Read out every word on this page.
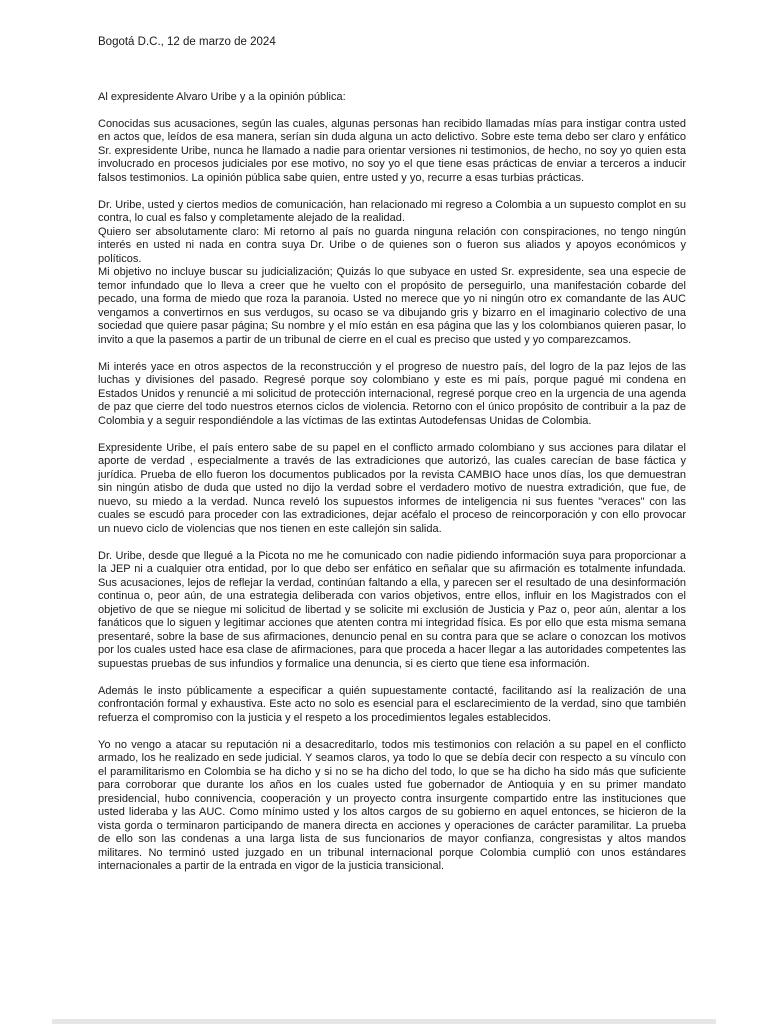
Bogotá D.C., 12 de marzo de 2024

Al expresidente Alvaro Uribe y a la opinión pública:

Conocidas sus acusaciones, según las cuales, algunas personas han recibido llamadas mías para instigar contra usted en actos que, leídos de esa manera, serían sin duda alguna un acto delictivo. Sobre este tema debo ser claro y enfático Sr. expresidente Uribe, nunca he llamado a nadie para orientar versiones ni testimonios, de hecho, no soy yo quien esta involucrado en procesos judiciales por ese motivo, no soy yo el que tiene esas prácticas de enviar a terceros a inducir falsos testimonios. La opinión pública sabe quien, entre usted y yo, recurre a esas turbias prácticas.

Dr. Uribe, usted y ciertos medios de comunicación, han relacionado mi regreso a Colombia a un supuesto complot en su contra, lo cual es falso y completamente alejado de la realidad.

Quiero ser absolutamente claro: Mi retorno al país no guarda ninguna relación con conspiraciones, no tengo ningún interés en usted ni nada en contra suya Dr. Uribe o de quienes son o fueron sus aliados y apoyos económicos y políticos.

Mi objetivo no incluye buscar su judicialización; Quizás lo que subyace en usted Sr. expresidente, sea una especie de temor infundado que lo lleva a creer que he vuelto con el propósito de perseguirlo, una manifestación cobarde del pecado, una forma de miedo que roza la paranoia. Usted no merece que yo ni ningún otro ex comandante de las AUC vengamos a convertirnos en sus verdugos, su ocaso se va dibujando gris y bizarro en el imaginario colectivo de una sociedad que quiere pasar página; Su nombre y el mío están en esa página que las y los colombianos quieren pasar, lo invito a que la pasemos a partir de un tribunal de cierre en el cual es preciso que usted y yo comparezcamos.

Mi interés yace en otros aspectos de la reconstrucción y el progreso de nuestro país, del logro de la paz lejos de las luchas y divisiones del pasado. Regresé porque soy colombiano y este es mi país, porque pagué mi condena en Estados Unidos y renuncié a mi solicitud de protección internacional, regresé porque creo en la urgencia de una agenda de paz que cierre del todo nuestros eternos ciclos de violencia. Retorno con el único propósito de contribuir a la paz de Colombia y a seguir respondiéndole a las víctimas de las extintas Autodefensas Unidas de Colombia.

Expresidente Uribe, el país entero sabe de su papel en el conflicto armado colombiano y sus acciones para dilatar el aporte de verdad , especialmente a través de las extradiciones que autorizó, las cuales carecían de base fáctica y jurídica. Prueba de ello fueron los documentos publicados por la revista CAMBIO hace unos días, los que demuestran sin ningún atisbo de duda que usted no dijo la verdad sobre el verdadero motivo de nuestra extradición, que fue, de nuevo, su miedo a la verdad. Nunca reveló los supuestos informes de inteligencia ni sus fuentes "veraces" con las cuales se escudó para proceder con las extradiciones, dejar acéfalo el proceso de reincorporación y con ello provocar un nuevo ciclo de violencias que nos tienen en este callejón sin salida.

Dr. Uribe, desde que llegué a la Picota no me he comunicado con nadie pidiendo información suya para proporcionar a la JEP ni a cualquier otra entidad, por lo que debo ser enfático en señalar que su afirmación es totalmente infundada. Sus acusaciones, lejos de reflejar la verdad, continúan faltando a ella, y parecen ser el resultado de una desinformación continua o, peor aún, de una estrategia deliberada con varios objetivos, entre ellos, influir en los Magistrados con el objetivo de que se niegue mi solicitud de libertad y se solicite mi exclusión de Justicia y Paz o, peor aún, alentar a los fanáticos que lo siguen y legitimar acciones que atenten contra mi integridad física. Es por ello que esta misma semana presentaré, sobre la base de sus afirmaciones, denuncio penal en su contra para que se aclare o conozcan los motivos por los cuales usted hace esa clase de afirmaciones, para que proceda a hacer llegar a las autoridades competentes las supuestas pruebas de sus infundios y formalice una denuncia, si es cierto que tiene esa información.

Además le insto públicamente a especificar a quién supuestamente contacté, facilitando así la realización de una confrontación formal y exhaustiva. Este acto no solo es esencial para el esclarecimiento de la verdad, sino que también refuerza el compromiso con la justicia y el respeto a los procedimientos legales establecidos.

Yo no vengo a atacar su reputación ni a desacreditarlo, todos mis testimonios con relación a su papel en el conflicto armado, los he realizado en sede judicial. Y seamos claros, ya todo lo que se debía decir con respecto a su vínculo con el paramilitarismo en Colombia se ha dicho y si no se ha dicho del todo, lo que se ha dicho ha sido más que suficiente para corroborar que durante los años en los cuales usted fue gobernador de Antioquia y en su primer mandato presidencial, hubo connivencia, cooperación y un proyecto contra insurgente compartido entre las instituciones que usted lideraba y las AUC. Como mínimo usted y los altos cargos de su gobierno en aquel entonces, se hicieron de la vista gorda o terminaron participando de manera directa en acciones y operaciones de carácter paramilitar. La prueba de ello son las condenas a una larga lista de sus funcionarios de mayor confianza, congresistas y altos mandos militares. No terminó usted juzgado en un tribunal internacional porque Colombia cumplió con unos estándares internacionales a partir de la entrada en vigor de la justicia transicional.
